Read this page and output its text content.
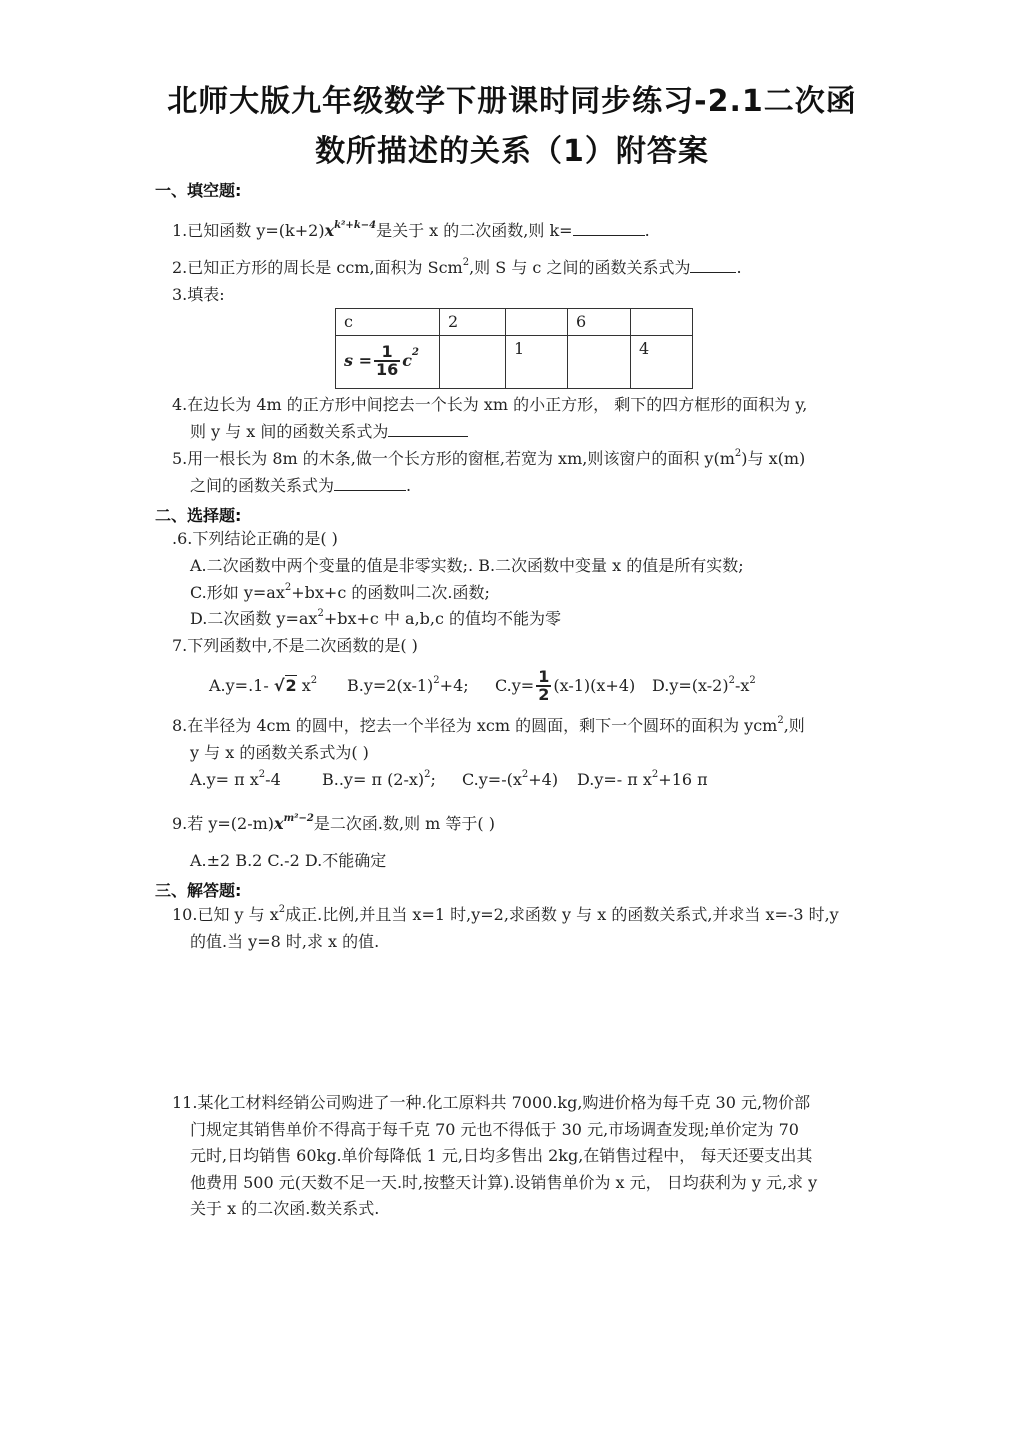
北师大版九年级数学下册课时同步练习-2.1二次函
数所描述的关系（1）附答案
一、填空题:
1.已知函数 $y=(k+2)x^{k^2+k-4}$是关于 x 的二次函数,则 k=	.
2.已知正方形的周长是 ccm,面积为 Scm$^2$,则 S 与 c 之间的函数关系式为	.
3.填表:
c	2		6	

$s = \frac{1}{16}$ c 2		1		4
4.在边长为 4m 的正方形中间挖去一个长为 xm 的小正方形， 剩下的四方框形的面积为 y,
则 y 与 x 间的函数关系式为
5.用一根长为 8m 的木条,做一个长方形的窗框,若宽为 xm,则该窗户的面积 $y(m^2)$与 x(m)
之间的函数关系式为	.
二、选择题:
.6.下列结论正确的是( )
A.二次函数中两个变量的值是非零实数;. B.二次函数中变量 x 的值是所有实数;
C.形如 $y=ax^2+bx+c$ 的函数叫二次.函数;
D.二次函数 $y=ax^2+bx+c$ 中 a,b,c 的值均不能为零
7.下列函数中,不是二次函数的是( )
A.y=.1- √2 $x^2$ $B.y=2(x-1)^2+4$; $C.y= \frac{1}{2} (x-1)(x+4)$ $D.y=(x-2)^2-x^2$
8.在半径为 4cm 的圆中，挖去一个半径为 xcm 的圆面，剩下一个圆环的面积为 ycm$^2$,则
y 与 x 的函数关系式为( )
A.y= π $x^2-4$	B..y= π $(2-x)^2$; $C.y=-(x^2+4)$ D.y=- π $x^2+16$ π
9.若 $y=(2-m)x^{m^2-2}$是二次函.数,则 m 等于( )
A.±2 B.2 C.-2 D.不能确定
三、解答题:
10.已知 y 与 $x^2$成正.比例,并且当 x=1 时,y=2,求函数 y 与 x 的函数关系式,并求当 x=-3 时,y
的值.当 y=8 时,求 x 的值.
11.某化工材料经销公司购进了一种.化工原料共 7000.kg,购进价格为每千克 30 元,物价部
门规定其销售单价不得高于每千克 70 元也不得低于 30 元,市场调查发现;单价定为 70
元时,日均销售 60kg.单价每降低 1 元,日均多售出 2kg,在销售过程中， 每天还要支出其
他费用 500 元(天数不足一天.时,按整天计算).设销售单价为 x 元， 日均获利为 y 元,求 y
关于 x 的二次函.数关系式.
